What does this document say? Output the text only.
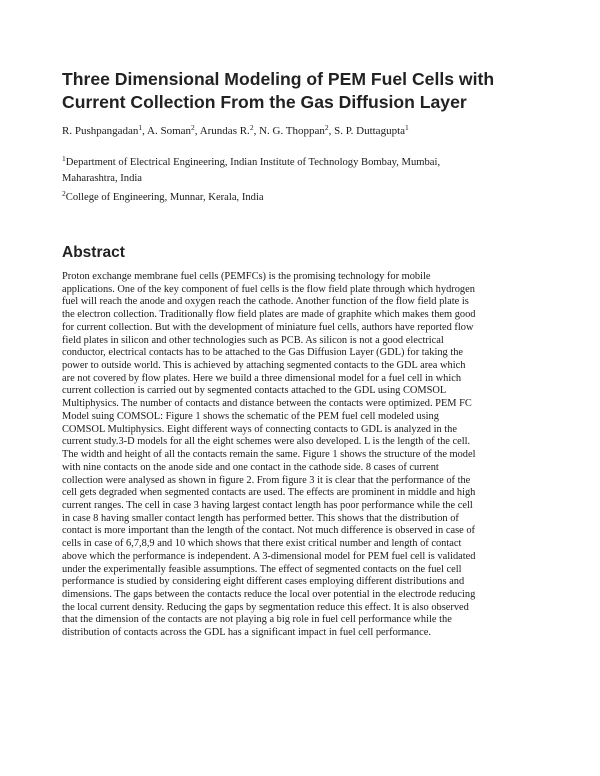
Three Dimensional Modeling of PEM Fuel Cells with
Current Collection From the Gas Diffusion Layer
R. Pushpangadan$^1$, A. Soman$^2$, Arundas R.$^2$, N. G. Thoppan$^2$, S. P. Duttagupta$^1$
$^1$Department of Electrical Engineering, Indian Institute of Technology Bombay, Mumbai,
Maharashtra, India
$^2$College of Engineering, Munnar, Kerala, India
Abstract
Proton exchange membrane fuel cells (PEMFCs) is the promising technology for mobile
applications. One of the key component of fuel cells is the flow field plate through which hydrogen
fuel will reach the anode and oxygen reach the cathode. Another function of the flow field plate is
the electron collection. Traditionally flow field plates are made of graphite which makes them good
for current collection. But with the development of miniature fuel cells, authors have reported flow
field plates in silicon and other technologies such as PCB. As silicon is not a good electrical
conductor, electrical contacts has to be attached to the Gas Diffusion Layer (GDL) for taking the
power to outside world. This is achieved by attaching segmented contacts to the GDL area which
are not covered by flow plates. Here we build a three dimensional model for a fuel cell in which
current collection is carried out by segmented contacts attached to the GDL using COMSOL
Multiphysics. The number of contacts and distance between the contacts were optimized. PEM FC
Model suing COMSOL: Figure 1 shows the schematic of the PEM fuel cell modeled using
COMSOL Multiphysics. Eight different ways of connecting contacts to GDL is analyzed in the
current study.3-D models for all the eight schemes were also developed. L is the length of the cell.
The width and height of all the contacts remain the same. Figure 1 shows the structure of the model
with nine contacts on the anode side and one contact in the cathode side. 8 cases of current
collection were analysed as shown in figure 2. From figure 3 it is clear that the performance of the
cell gets degraded when segmented contacts are used. The effects are prominent in middle and high
current ranges. The cell in case 3 having largest contact length has poor performance while the cell
in case 8 having smaller contact length has performed better. This shows that the distribution of
contact is more important than the length of the contact. Not much difference is observed in case of
cells in case of 6,7,8,9 and 10 which shows that there exist critical number and length of contact
above which the performance is independent. A 3-dimensional model for PEM fuel cell is validated
under the experimentally feasible assumptions. The effect of segmented contacts on the fuel cell
performance is studied by considering eight different cases employing different distributions and
dimensions. The gaps between the contacts reduce the local over potential in the electrode reducing
the local current density. Reducing the gaps by segmentation reduce this effect. It is also observed
that the dimension of the contacts are not playing a big role in fuel cell performance while the
distribution of contacts across the GDL has a significant impact in fuel cell performance.
